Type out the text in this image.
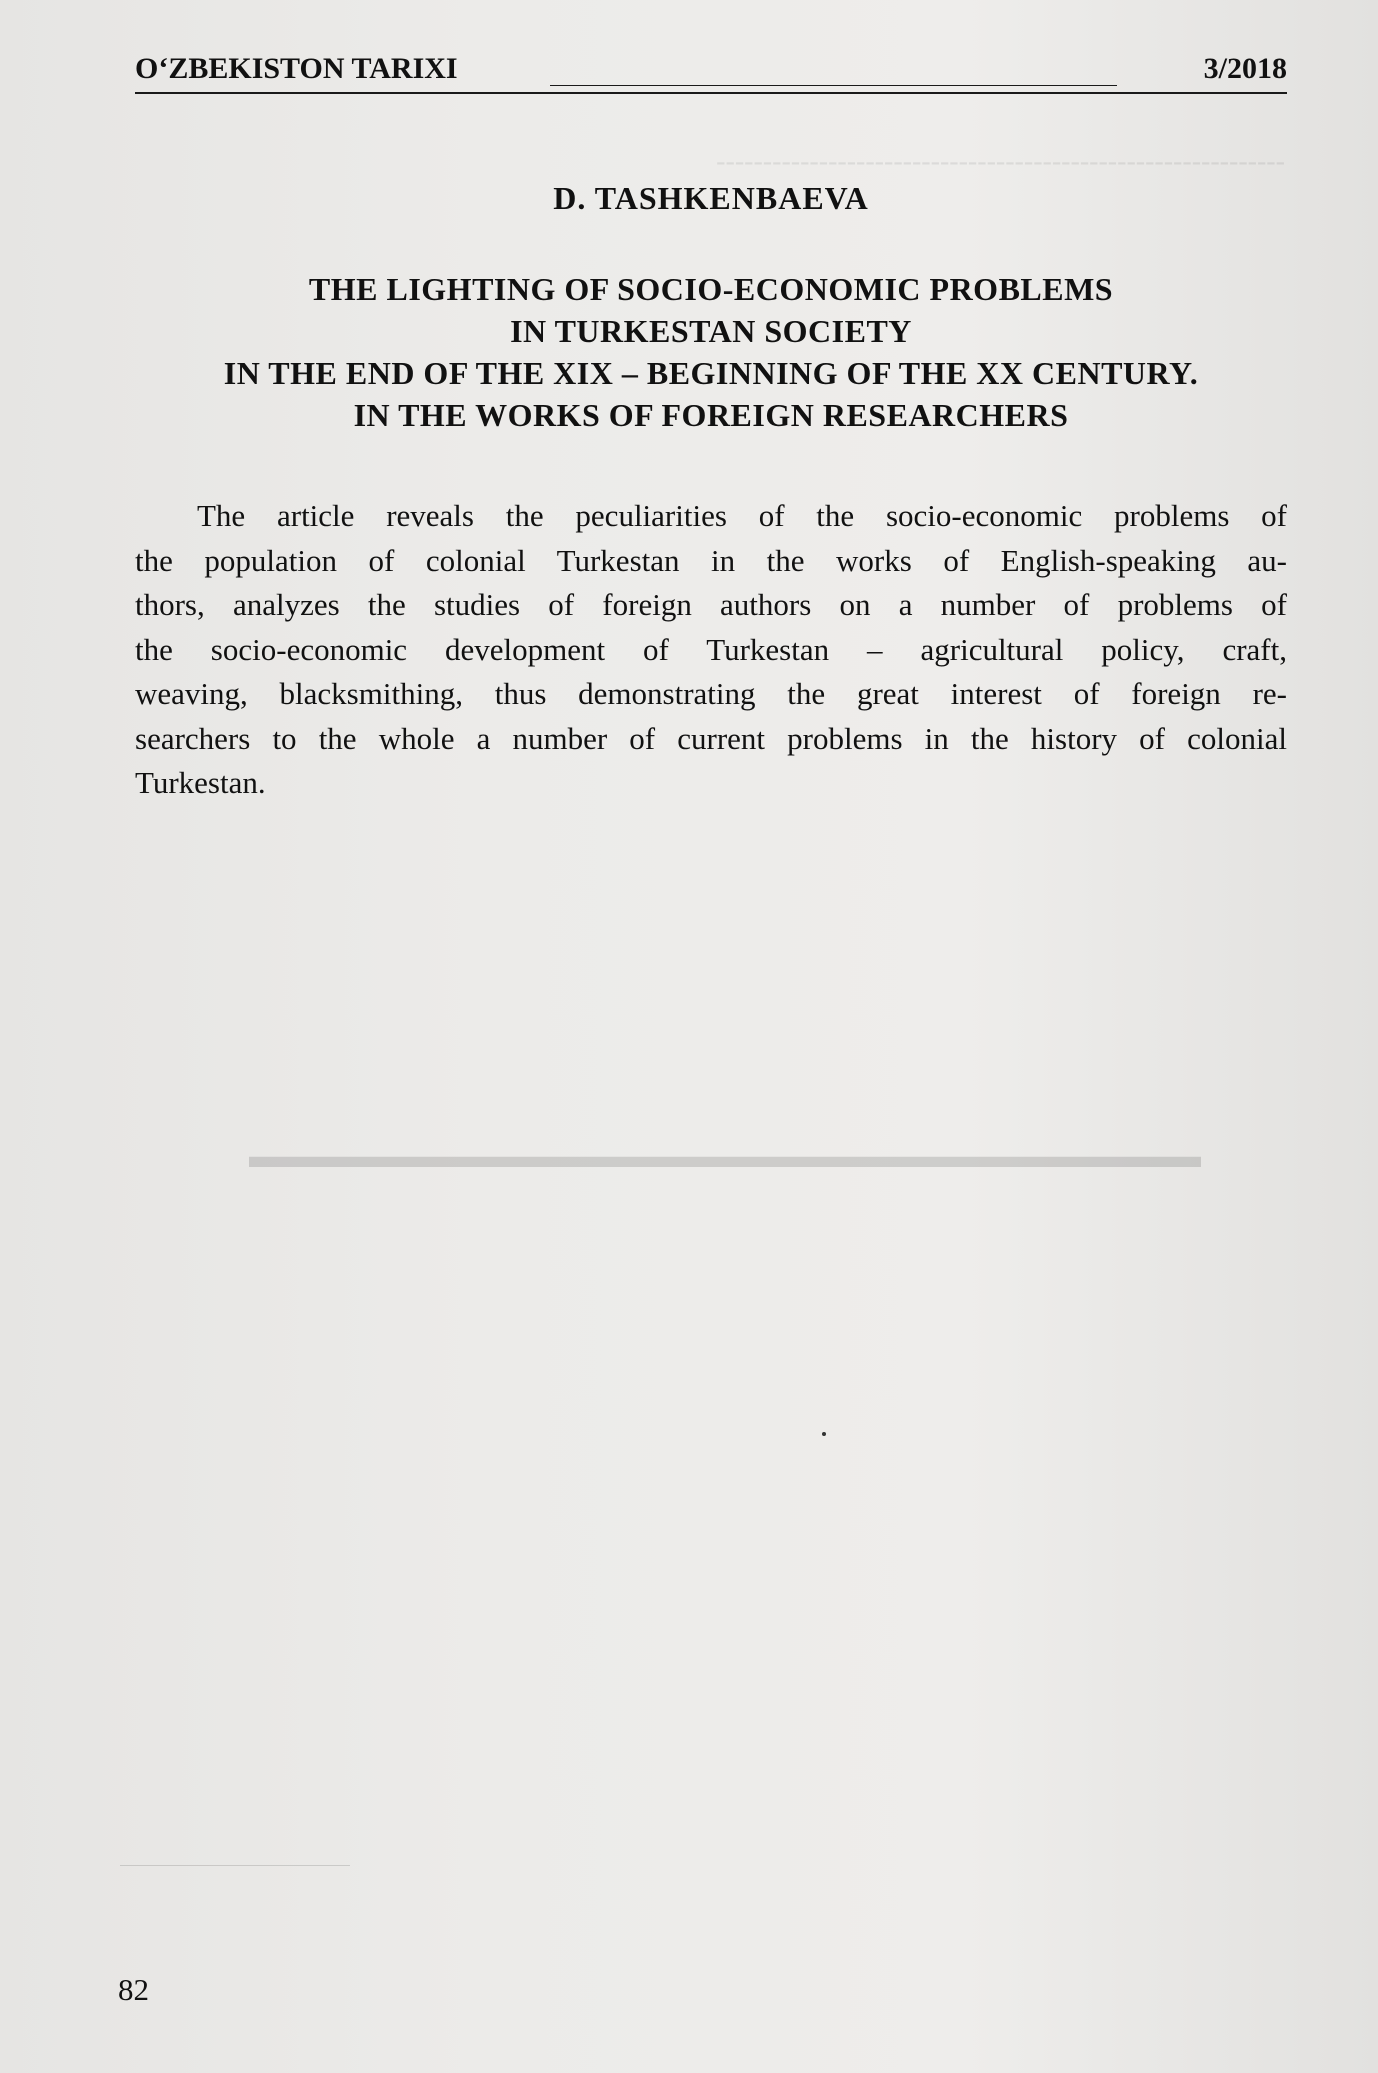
‑‑‑‑‑‑‑‑‑‑‑‑‑‑‑‑‑‑‑‑‑‑‑‑‑‑‑‑‑‑‑‑‑‑‑‑‑‑‑‑‑‑‑‑‑‑‑‑‑‑‑‑‑‑‑‑‑‑‑‑‑

▬▬▬▬▬▬▬▬▬▬▬▬▬▬▬▬▬▬▬▬▬▬▬▬▬▬▬▬

O‘ZBEKISTON TARIXI	3/2018
D. TASHKENBAEVA
THE LIGHTING OF SOCIO-ECONOMIC PROBLEMS
IN TURKESTAN SOCIETY
IN THE END OF THE XIX – BEGINNING OF THE XX CENTURY.
IN THE WORKS OF FOREIGN RESEARCHERS
The article reveals the peculiarities of the socio-economic problems of
the population of colonial Turkestan in the works of English-speaking au-
thors, analyzes the studies of foreign authors on a number of problems of
the socio-economic development of Turkestan – agricultural policy, craft,
weaving, blacksmithing, thus demonstrating the great interest of foreign re-
searchers to the whole a number of current problems in the history of colonial
Turkestan.
82
